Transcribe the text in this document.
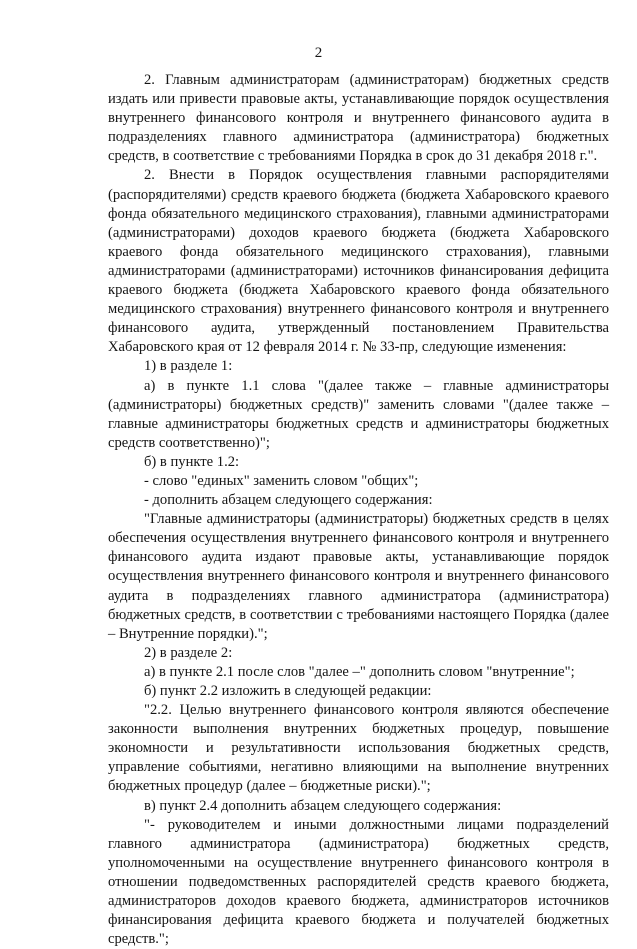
2

2. Главным администраторам (администраторам) бюджетных средств издать или привести правовые акты, устанавливающие порядок осуществления внутреннего финансового контроля и внутреннего финансового аудита в подразделениях главного администратора (администратора) бюджетных средств, в соответствие с требованиями Порядка в срок до 31 декабря 2018 г.".

2. Внести в Порядок осуществления главными распорядителями (распорядителями) средств краевого бюджета (бюджета Хабаровского краевого фонда обязательного медицинского страхования), главными администраторами (администраторами) доходов краевого бюджета (бюджета Хабаровского краевого фонда обязательного медицинского страхования), главными администраторами (администраторами) источников финансирования дефицита краевого бюджета (бюджета Хабаровского краевого фонда обязательного медицинского страхования) внутреннего финансового контроля и внутреннего финансового аудита, утвержденный постановлением Правительства Хабаровского края от 12 февраля 2014 г. № 33-пр, следующие изменения:

1) в разделе 1:

а) в пункте 1.1 слова "(далее также – главные администраторы (администраторы) бюджетных средств)" заменить словами "(далее также – главные администраторы бюджетных средств и администраторы бюджетных средств соответственно)";

б) в пункте 1.2:

- слово "единых" заменить словом "общих";

- дополнить абзацем следующего содержания:

"Главные администраторы (администраторы) бюджетных средств в целях обеспечения осуществления внутреннего финансового контроля и внутреннего финансового аудита издают правовые акты, устанавливающие порядок осуществления внутреннего финансового контроля и внутреннего финансового аудита в подразделениях главного администратора (администратора) бюджетных средств, в соответствии с требованиями настоящего Порядка (далее – Внутренние порядки).";

2) в разделе 2:

а) в пункте 2.1 после слов "далее –" дополнить словом "внутренние";

б) пункт 2.2 изложить в следующей редакции:

"2.2. Целью внутреннего финансового контроля являются обеспечение законности выполнения внутренних бюджетных процедур, повышение экономности и результативности использования бюджетных средств, управление событиями, негативно влияющими на выполнение внутренних бюджетных процедур (далее – бюджетные риски).";

в) пункт 2.4 дополнить абзацем следующего содержания:

"- руководителем и иными должностными лицами подразделений главного администратора (администратора) бюджетных средств, уполномоченными на осуществление внутреннего финансового контроля в отношении подведомственных распорядителей средств краевого бюджета, администраторов доходов краевого бюджета, администраторов источников финансирования дефицита краевого бюджета и получателей бюджетных средств.";
